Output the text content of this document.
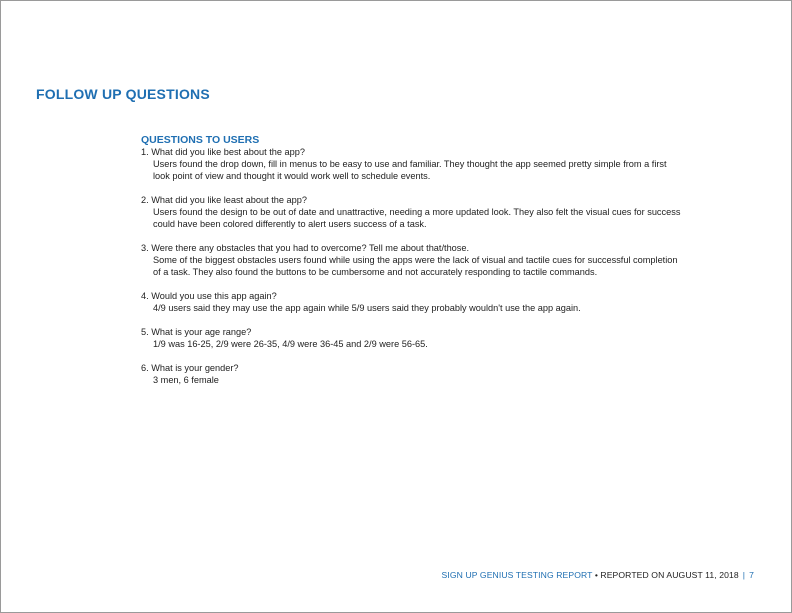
FOLLOW UP QUESTIONS
QUESTIONS TO USERS
1. What did you like best about the app?
Users found the drop down, fill in menus to be easy to use and familiar. They thought the app seemed pretty simple from a first look point of view and thought it would work well to schedule events.
2. What did you like least about the app?
Users found the design to be out of date and unattractive, needing a more updated look. They also felt the visual cues for success could have been colored differently to alert users success of a task.
3. Were there any obstacles that you had to overcome? Tell me about that/those.
Some of the biggest obstacles users found while using the apps were the lack of visual and tactile cues for successful completion of a task. They also found the buttons to be cumbersome and not accurately responding to tactile commands.
4. Would you use this app again?
4/9 users said they may use the app again while 5/9 users said they probably wouldn't use the app again.
5. What is your age range?
1/9 was 16-25, 2/9 were 26-35, 4/9 were 36-45 and 2/9 were 56-65.
6. What is your gender?
3 men, 6 female
SIGN UP GENIUS TESTING REPORT • REPORTED ON AUGUST 11, 2018 | 7
